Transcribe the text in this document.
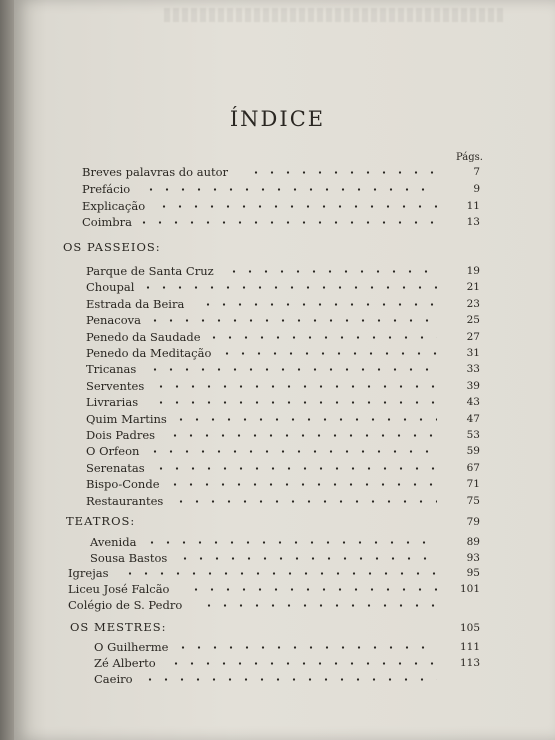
ÍNDICE
Págs.
Breves palavras do autor	7
Prefácio	9
Explicação	11
Coimbra	13
OS PASSEIOS:
Parque de Santa Cruz	19
Choupal	21
Estrada da Beira	23
Penacova	25
Penedo da Saudade	27
Penedo da Meditação	31
Tricanas	33
Serventes	39
Livrarias	43
Quim Martins	47
Dois Padres	53
O Orfeon	59
Serenatas	67
Bispo-Conde	71
Restaurantes	75
TEATROS:	79
Avenida	89
Sousa Bastos	93
Igrejas	95
Liceu José Falcão	101
Colégio de S. Pedro
OS MESTRES:	105
O Guilherme	111
Zé Alberto	113
Caeiro
